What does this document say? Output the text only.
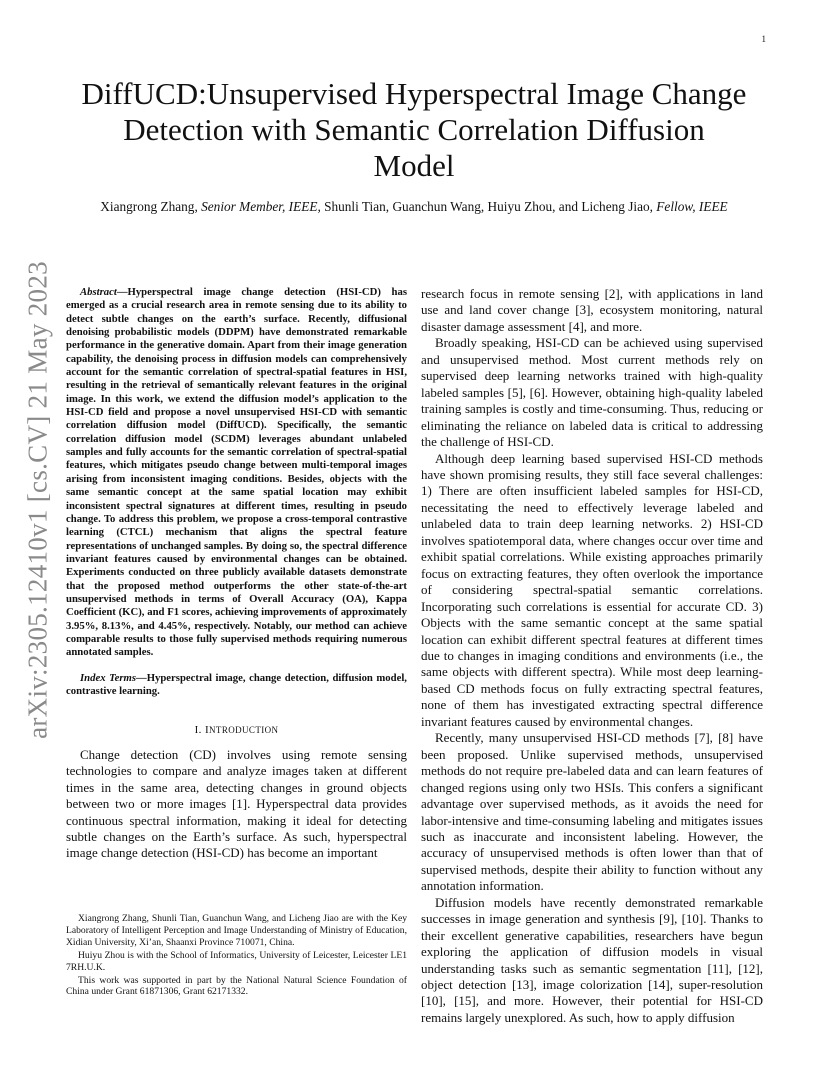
1
arXiv:2305.12410v1 [cs.CV] 21 May 2023
DiffUCD:Unsupervised Hyperspectral Image Change Detection with Semantic Correlation Diffusion Model
Xiangrong Zhang, Senior Member, IEEE, Shunli Tian, Guanchun Wang, Huiyu Zhou, and Licheng Jiao, Fellow, IEEE

Abstract—Hyperspectral image change detection (HSI-CD) has emerged as a crucial research area in remote sensing due to its ability to detect subtle changes on the earth’s surface. Recently, diffusional denoising probabilistic models (DDPM) have demonstrated remarkable performance in the generative domain. Apart from their image generation capability, the denoising process in diffusion models can comprehensively account for the semantic correlation of spectral-spatial features in HSI, resulting in the retrieval of semantically relevant features in the original image. In this work, we extend the diffusion model’s application to the HSI-CD field and propose a novel unsupervised HSI-CD with semantic correlation diffusion model (DiffUCD). Specifically, the semantic correlation diffusion model (SCDM) leverages abundant unlabeled samples and fully accounts for the semantic correlation of spectral-spatial features, which mitigates pseudo change between multi-temporal images arising from inconsistent imaging conditions. Besides, objects with the same semantic concept at the same spatial location may exhibit inconsistent spectral signatures at different times, resulting in pseudo change. To address this problem, we propose a cross-temporal contrastive learning (CTCL) mechanism that aligns the spectral feature representations of unchanged samples. By doing so, the spectral difference invariant features caused by environmental changes can be obtained. Experiments conducted on three publicly available datasets demonstrate that the proposed method outperforms the other state-of-the-art unsupervised methods in terms of Overall Accuracy (OA), Kappa Coefficient (KC), and F1 scores, achieving improvements of approximately 3.95%, 8.13%, and 4.45%, respectively. Notably, our method can achieve comparable results to those fully supervised methods requiring numerous annotated samples.

Index Terms—Hyperspectral image, change detection, diffusion model, contrastive learning.

I. INTRODUCTION

Change detection (CD) involves using remote sensing technologies to compare and analyze images taken at different times in the same area, detecting changes in ground objects between two or more images [1]. Hyperspectral data provides continuous spectral information, making it ideal for detecting subtle changes on the Earth’s surface. As such, hyperspectral image change detection (HSI-CD) has become an important

Xiangrong Zhang, Shunli Tian, Guanchun Wang, and Licheng Jiao are with the Key Laboratory of Intelligent Perception and Image Understanding of Ministry of Education, Xidian University, Xi’an, Shaanxi Province 710071, China.

Huiyu Zhou is with the School of Informatics, University of Leicester, Leicester LE1 7RH.U.K.

This work was supported in part by the National Natural Science Foundation of China under Grant 61871306, Grant 62171332.

research focus in remote sensing [2], with applications in land use and land cover change [3], ecosystem monitoring, natural disaster damage assessment [4], and more.

Broadly speaking, HSI-CD can be achieved using supervised and unsupervised method. Most current methods rely on supervised deep learning networks trained with high-quality labeled samples [5], [6]. However, obtaining high-quality labeled training samples is costly and time-consuming. Thus, reducing or eliminating the reliance on labeled data is critical to addressing the challenge of HSI-CD.

Although deep learning based supervised HSI-CD methods have shown promising results, they still face several challenges: 1) There are often insufficient labeled samples for HSI-CD, necessitating the need to effectively leverage labeled and unlabeled data to train deep learning networks. 2) HSI-CD involves spatiotemporal data, where changes occur over time and exhibit spatial correlations. While existing approaches primarily focus on extracting features, they often overlook the importance of considering spectral-spatial semantic correlations. Incorporating such correlations is essential for accurate CD. 3) Objects with the same semantic concept at the same spatial location can exhibit different spectral features at different times due to changes in imaging conditions and environments (i.e., the same objects with different spectra). While most deep learning-based CD methods focus on fully extracting spectral features, none of them has investigated extracting spectral difference invariant features caused by environmental changes.

Recently, many unsupervised HSI-CD methods [7], [8] have been proposed. Unlike supervised methods, unsupervised methods do not require pre-labeled data and can learn features of changed regions using only two HSIs. This confers a significant advantage over supervised methods, as it avoids the need for labor-intensive and time-consuming labeling and mitigates issues such as inaccurate and inconsistent labeling. However, the accuracy of unsupervised methods is often lower than that of supervised methods, despite their ability to function without any annotation information.

Diffusion models have recently demonstrated remarkable successes in image generation and synthesis [9], [10]. Thanks to their excellent generative capabilities, researchers have begun exploring the application of diffusion models in visual understanding tasks such as semantic segmentation [11], [12], object detection [13], image colorization [14], super-resolution [10], [15], and more. However, their potential for HSI-CD remains largely unexplored. As such, how to apply diffusion
